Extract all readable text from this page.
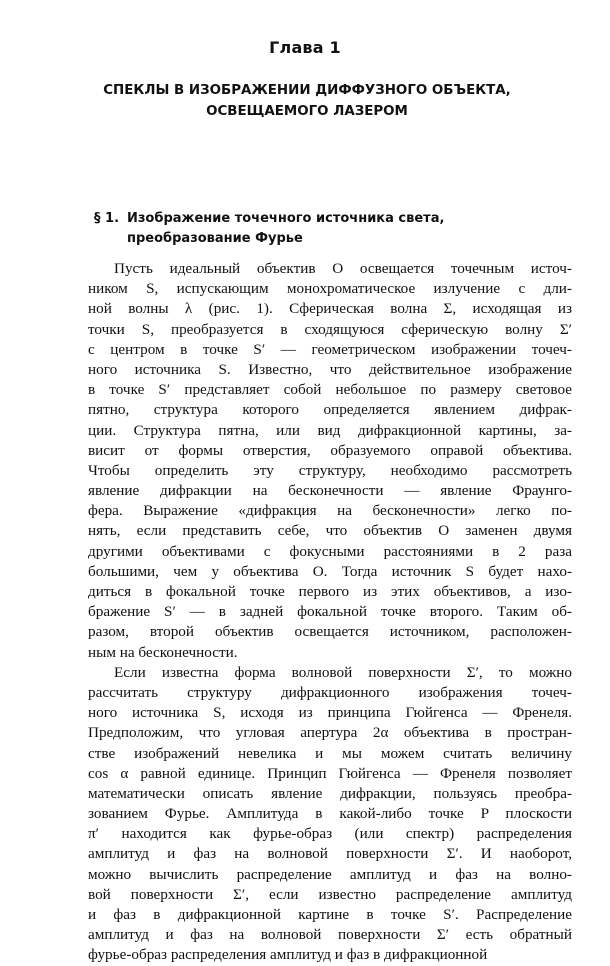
Глава 1
СПЕКЛЫ В ИЗОБРАЖЕНИИ ДИФФУЗНОГО ОБЪЕКТА,
ОСВЕЩАЕМОГО ЛАЗЕРОМ
§ 1. Изображение точечного источника света,
преобразование Фурье
Пусть идеальный объектив O освещается точечным источ-
ником S, испускающим монохроматическое излучение с дли-
ной волны λ (рис. 1). Сферическая волна Σ, исходящая из
точки S, преобразуется в сходящуюся сферическую волну Σ′
с центром в точке S′ — геометрическом изображении точеч-
ного источника S. Известно, что действительное изображение
в точке S′ представляет собой небольшое по размеру световое
пятно, структура которого определяется явлением дифрак-
ции. Структура пятна, или вид дифракционной картины, за-
висит от формы отверстия, образуемого оправой объектива.
Чтобы определить эту структуру, необходимо рассмотреть
явление дифракции на бесконечности — явление Фраунго-
фера. Выражение «дифракция на бесконечности» легко по-
нять, если представить себе, что объектив O заменен двумя
другими объективами с фокусными расстояниями в 2 раза
большими, чем у объектива O. Тогда источник S будет нахо-
диться в фокальной точке первого из этих объективов, а изо-
бражение S′ — в задней фокальной точке второго. Таким об-
разом, второй объектив освещается источником, расположен-
ным на бесконечности.
Если известна форма волновой поверхности Σ′, то можно
рассчитать структуру дифракционного изображения точеч-
ного источника S, исходя из принципа Гюйгенса — Френеля.
Предположим, что угловая апертура 2α объектива в простран-
стве изображений невелика и мы можем считать величину
cos α равной единице. Принцип Гюйгенса — Френеля позволяет
математически описать явление дифракции, пользуясь преобра-
зованием Фурье. Амплитуда в какой-либо точке P плоскости
π′ находится как фурье-образ (или спектр) распределения
амплитуд и фаз на волновой поверхности Σ′. И наоборот,
можно вычислить распределение амплитуд и фаз на волно-
вой поверхности Σ′, если известно распределение амплитуд
и фаз в дифракционной картине в точке S′. Распределение
амплитуд и фаз на волновой поверхности Σ′ есть обратный
фурье-образ распределения амплитуд и фаз в дифракционной
